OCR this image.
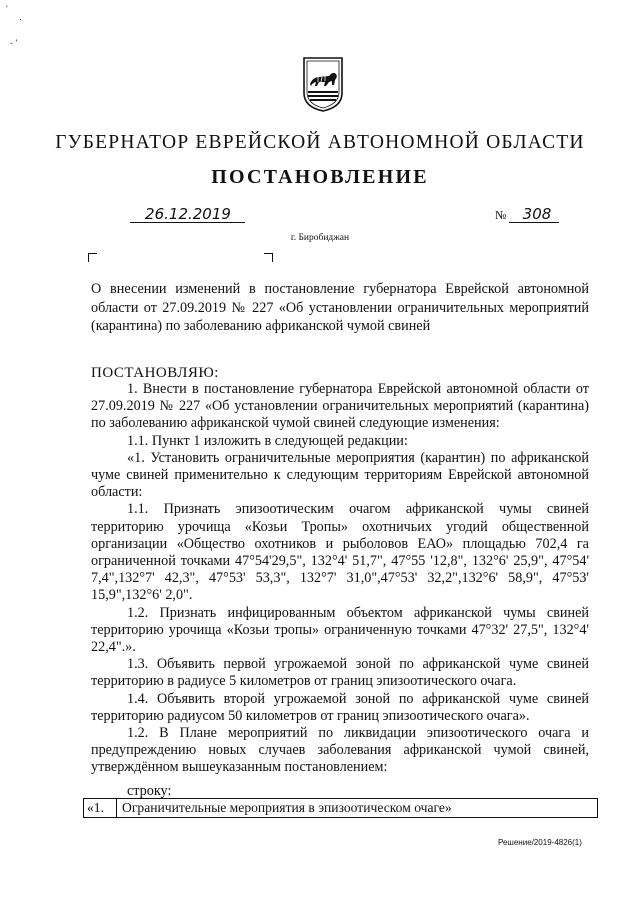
'
·
- '
ГУБЕРНАТОР ЕВРЕЙСКОЙ АВТОНОМНОЙ ОБЛАСТИ
ПОСТАНОВЛЕНИЕ
26.12.2019	№	308
г. Биробиджан
О внесении изменений в постановление губернатора Еврейской автономной области от 27.09.2019 № 227 «Об установлении ограничительных мероприятий (карантина) по заболеванию африканской чумой свиней
ПОСТАНОВЛЯЮ:

1. Внести в постановление губернатора Еврейской автономной области от 27.09.2019 № 227 «Об установлении ограничительных мероприятий (карантина) по заболеванию африканской чумой свиней следующие изменения:

1.1. Пункт 1 изложить в следующей редакции:

«1. Установить ограничительные мероприятия (карантин) по африканской чуме свиней применительно к следующим территориям Еврейской автономной области:

1.1. Признать эпизоотическим очагом африканской чумы свиней территорию урочища «Козьи Тропы» охотничьих угодий общественной организации «Общество охотников и рыболовов ЕАО» площадью 702,4 га ограниченной точками 47°54'29,5", 132°4' 51,7", 47°55 '12,8", 132°6' 25,9", 47°54' 7,4",132°7' 42,3", 47°53' 53,3", 132°7' 31,0",47°53' 32,2",132°6' 58,9", 47°53' 15,9",132°6' 2,0".

1.2. Признать инфицированным объектом африканской чумы свиней территорию урочища «Козьи тропы» ограниченную точками 47°32' 27,5", 132°4' 22,4".».

1.3. Объявить первой угрожаемой зоной по африканской чуме свиней территорию в радиусе 5 километров от границ эпизоотического очага.

1.4. Объявить второй угрожаемой зоной по африканской чуме свиней территорию радиусом 50 километров от границ эпизоотического очага».

1.2. В Плане мероприятий по ликвидации эпизоотического очага и предупреждению новых случаев заболевания африканской чумой свиней, утверждённом вышеуказанным постановлением:

строку:
«1.	Ограничительные мероприятия в эпизоотическом очаге»
Решение/2019-4826(1)
